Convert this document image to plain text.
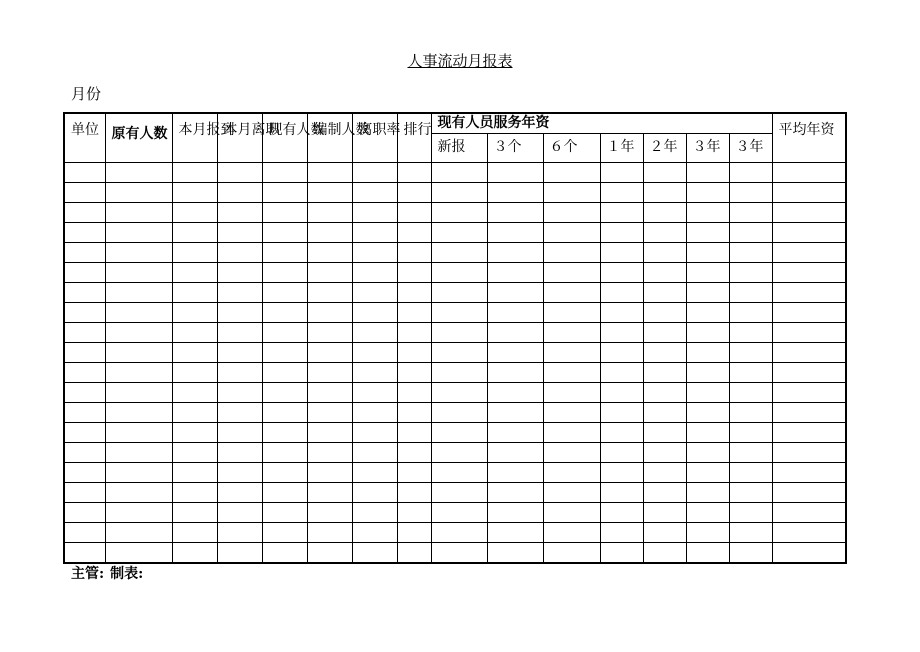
人事流动月报表
月份
单位	原有人数	本月报到	本月离职	现有人数	编制人数	离职率	排行	现有人员服务年资							平均年资

								新报	３个	６个	１年	２年	３年	３年	

主管: 制表:
